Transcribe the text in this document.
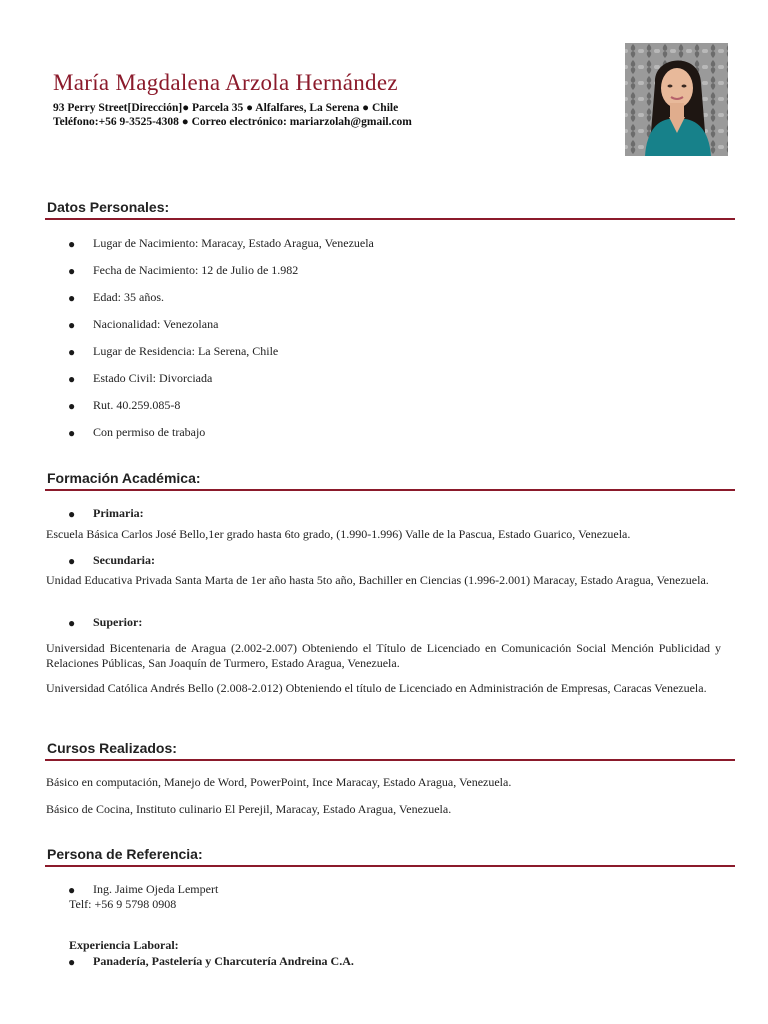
María Magdalena Arzola Hernández
93 Perry Street[Dirección]● Parcela 35 ● Alfalfares, La Serena ● Chile
Teléfono:+56 9-3525-4308 ● Correo electrónico: mariarzolah@gmail.com
Datos Personales:
● Lugar de Nacimiento: Maracay, Estado Aragua, Venezuela
● Fecha de Nacimiento: 12 de Julio de 1.982
● Edad: 35 años.
● Nacionalidad: Venezolana
● Lugar de Residencia: La Serena, Chile
● Estado Civil: Divorciada
● Rut. 40.259.085-8
● Con permiso de trabajo
Formación Académica:
● Primaria:
Escuela Básica Carlos José Bello,1er grado hasta 6to grado, (1.990-1.996) Valle de la Pascua, Estado Guarico, Venezuela.
● Secundaria:
Unidad Educativa Privada Santa Marta de 1er año hasta 5to año, Bachiller en Ciencias (1.996-2.001) Maracay, Estado Aragua, Venezuela.
● Superior:
Universidad Bicentenaria de Aragua (2.002-2.007) Obteniendo el Título de Licenciado en Comunicación Social Mención Publicidad y Relaciones Públicas, San Joaquín de Turmero, Estado Aragua, Venezuela.
Universidad Católica Andrés Bello (2.008-2.012) Obteniendo el título de Licenciado en Administración de Empresas, Caracas Venezuela.
Cursos Realizados:
Básico en computación, Manejo de Word, PowerPoint, Ince Maracay, Estado Aragua, Venezuela.
Básico de Cocina, Instituto culinario El Perejil, Maracay, Estado Aragua, Venezuela.
Persona de Referencia:
● Ing. Jaime Ojeda Lempert
Telf: +56 9 5798 0908
Experiencia Laboral:
● Panadería, Pastelería y Charcutería Andreina C.A.
